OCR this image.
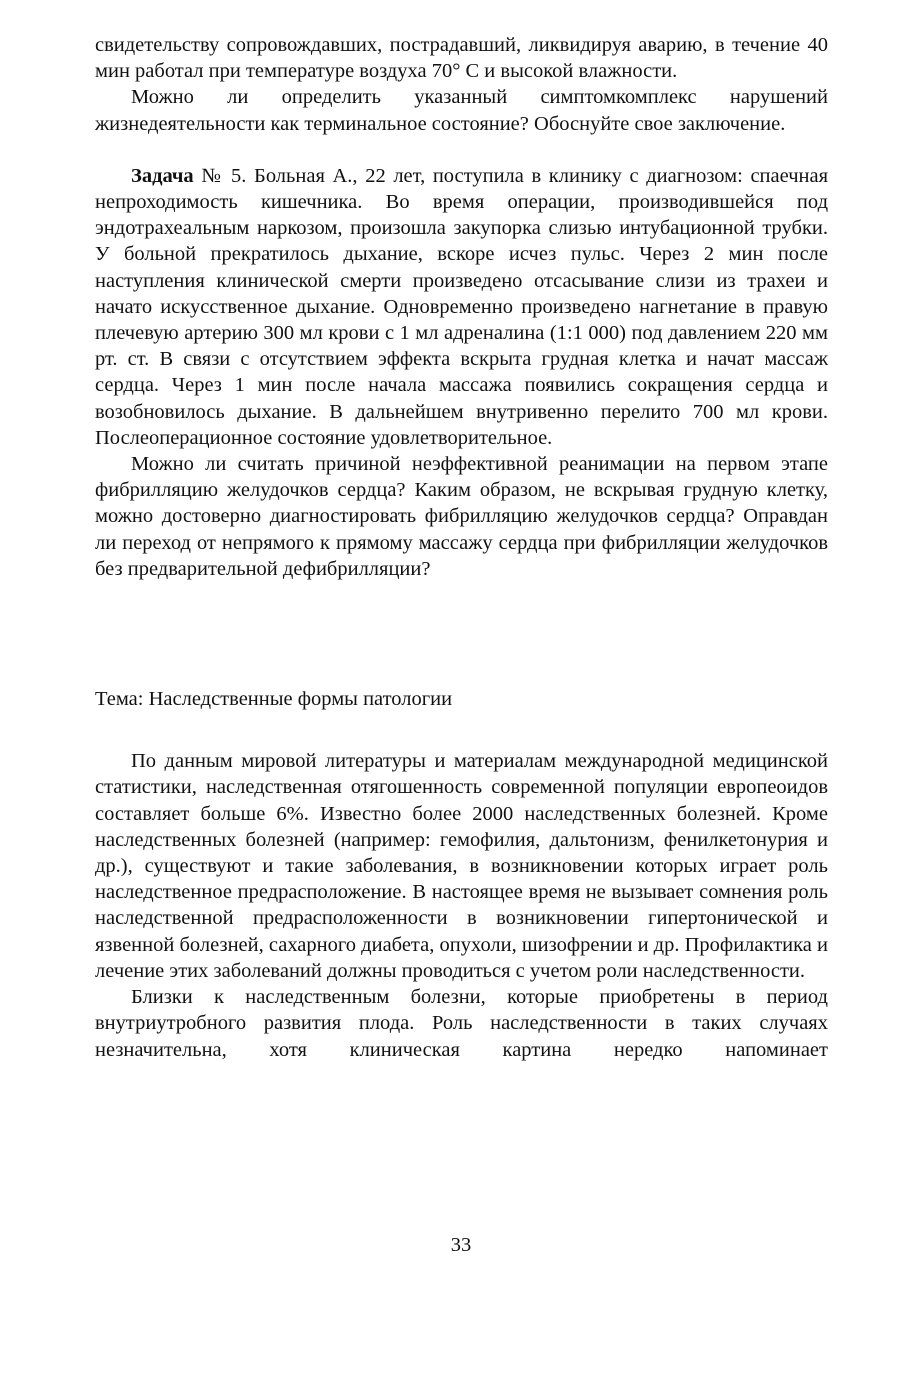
свидетельству сопровождавших, пострадавший, ликвидируя аварию, в течение 40 мин работал при температуре воздуха 70° С и высокой влажности.

Можно ли определить указанный симптомкомплекс нарушений жизнедеятельности как терминальное состояние? Обоснуйте свое заключение.

Задача № 5. Больная А., 22 лет, поступила в клинику с диагнозом: спаечная непроходимость кишечника. Во время операции, производившейся под эндотрахеальным наркозом, произошла закупорка слизью интубационной трубки. У больной прекратилось дыхание, вскоре исчез пульс. Через 2 мин после наступления клинической смерти произведено отсасывание слизи из трахеи и начато искусственное дыхание. Одновременно произведено нагнетание в правую плечевую артерию 300 мл крови с 1 мл адреналина (1:1 000) под давлением 220 мм рт. ст. В связи с отсутствием эффекта вскрыта грудная клетка и начат массаж сердца. Через 1 мин после начала массажа появились сокращения сердца и возобновилось дыхание. В дальнейшем внутривенно перелито 700 мл крови. Послеоперационное состояние удовлетворительное.

Можно ли считать причиной неэффективной реанимации на первом этапе фибрилляцию желудочков сердца? Каким образом, не вскрывая грудную клетку, можно достоверно диагностировать фибрилляцию желудочков сердца? Оправдан ли переход от непрямого к прямому массажу сердца при фибрилляции желудочков без предварительной дефибрилляции?

Тема: Наследственные формы патологии

По данным мировой литературы и материалам международной медицинской статистики, наследственная отягошенность современной популяции европеоидов составляет больше 6%. Известно более 2000 наследственных болезней. Кроме наследственных болезней (например: гемофилия, дальтонизм, фенилкетонурия и др.), существуют и такие заболевания, в возникновении которых играет роль наследственное предрасположение. В настоящее время не вызывает сомнения роль наследственной предрасположенности в возникновении гипертонической и язвенной болезней, сахарного диабета, опухоли, шизофрении и др. Профилактика и лечение этих заболеваний должны проводиться с учетом роли наследственности.

Близки к наследственным болезни, которые приобретены в период внутриутробного развития плода. Роль наследственности в таких случаях незначительна, хотя клиническая картина нередко напоминает

33
